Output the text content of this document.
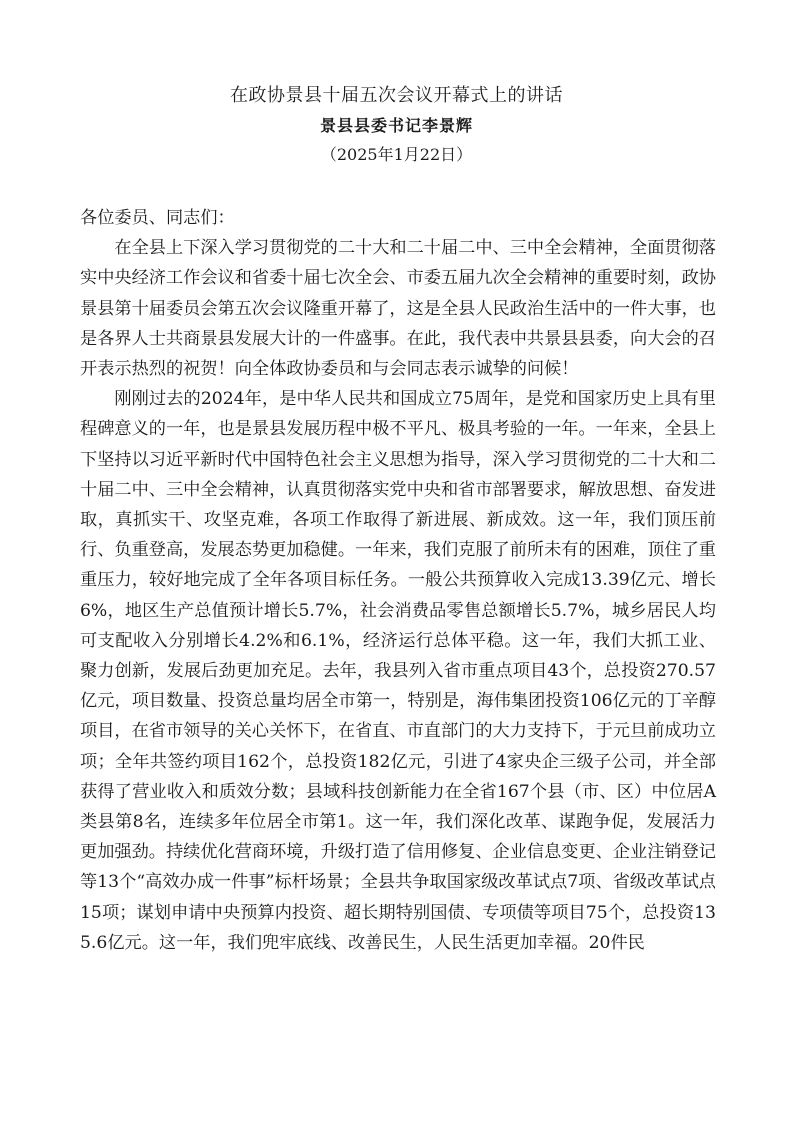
在政协景县十届五次会议开幕式上的讲话
景县县委书记李景辉
（2025年1月22日）

各位委员、同志们：

在全县上下深入学习贯彻党的二十大和二十届二中、三中全会精神，全面贯彻落实中央经济工作会议和省委十届七次全会、市委五届九次全会精神的重要时刻，政协景县第十届委员会第五次会议隆重开幕了，这是全县人民政治生活中的一件大事，也是各界人士共商景县发展大计的一件盛事。在此，我代表中共景县县委，向大会的召开表示热烈的祝贺！向全体政协委员和与会同志表示诚挚的问候！

刚刚过去的2024年，是中华人民共和国成立75周年，是党和国家历史上具有里程碑意义的一年，也是景县发展历程中极不平凡、极具考验的一年。一年来，全县上下坚持以习近平新时代中国特色社会主义思想为指导，深入学习贯彻党的二十大和二十届二中、三中全会精神，认真贯彻落实党中央和省市部署要求，解放思想、奋发进取，真抓实干、攻坚克难，各项工作取得了新进展、新成效。这一年，我们顶压前行、负重登高，发展态势更加稳健。一年来，我们克服了前所未有的困难，顶住了重重压力，较好地完成了全年各项目标任务。一般公共预算收入完成13.39亿元、增长6%，地区生产总值预计增长5.7%，社会消费品零售总额增长5.7%，城乡居民人均可支配收入分别增长4.2%和6.1%，经济运行总体平稳。这一年，我们大抓工业、聚力创新，发展后劲更加充足。去年，我县列入省市重点项目43个，总投资270.57亿元，项目数量、投资总量均居全市第一，特别是，海伟集团投资106亿元的丁辛醇项目，在省市领导的关心关怀下，在省直、市直部门的大力支持下，于元旦前成功立项；全年共签约项目162个，总投资182亿元，引进了4家央企三级子公司，并全部获得了营业收入和质效分数；县域科技创新能力在全省167个县（市、区）中位居A类县第8名，连续多年位居全市第1。这一年，我们深化改革、谋跑争促，发展活力更加强劲。持续优化营商环境，升级打造了信用修复、企业信息变更、企业注销登记等13个“高效办成一件事”标杆场景；全县共争取国家级改革试点7项、省级改革试点15项；谋划申请中央预算内投资、超长期特别国债、专项债等项目75个，总投资135.6亿元。这一年，我们兜牢底线、改善民生，人民生活更加幸福。20件民
